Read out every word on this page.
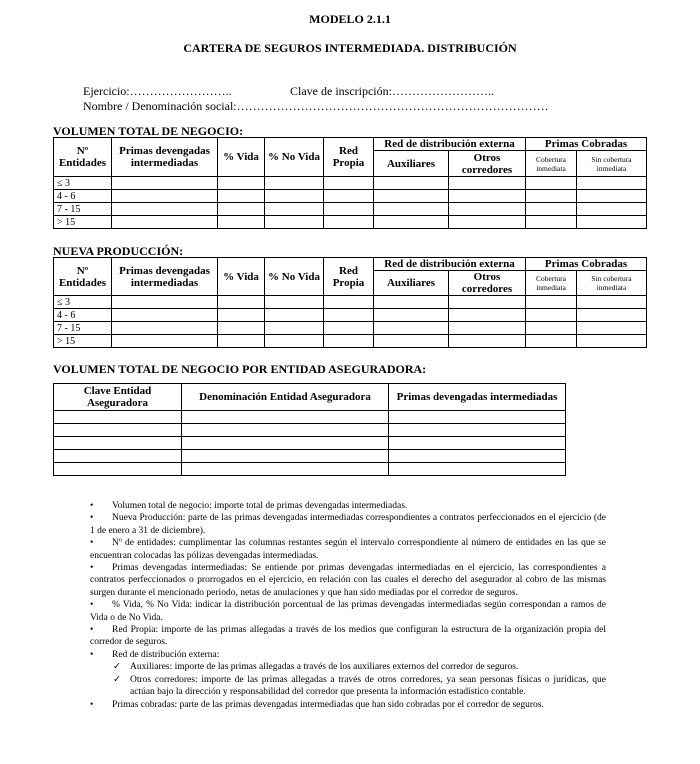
MODELO 2.1.1
CARTERA DE SEGUROS INTERMEDIADA. DISTRIBUCIÓN
Ejercicio:……………………..	Clave de inscripción:……………………..
Nombre / Denominación social:……………………………………………………………………
VOLUMEN TOTAL DE NEGOCIO:
Nº Entidades	Primas devengadas intermediadas	% Vida	% No Vida	Red Propia	Red de distribución externa		Primas Cobradas	
					Auxiliares	Otros corredores	Cobertura inmediata	Sin cobertura inmediata
≤ 3								
4 - 6								
7 - 15								
> 15								
NUEVA PRODUCCIÓN:
Nº Entidades	Primas devengadas intermediadas	% Vida	% No Vida	Red Propia	Red de distribución externa		Primas Cobradas	
					Auxiliares	Otros corredores	Cobertura inmediata	Sin cobertura inmediata
≤ 3								
4 - 6								
7 - 15								
> 15								
VOLUMEN TOTAL DE NEGOCIO POR ENTIDAD ASEGURADORA:
Clave Entidad Aseguradora	Denominación Entidad Aseguradora	Primas devengadas intermediadas

• Volumen total de negocio: importe total de primas devengadas intermediadas.

• Nueva Producción: parte de las primas devengadas intermediadas correspondientes a contratos perfeccionados en el ejercicio (de 1 de enero a 31 de diciembre).

• Nº de entidades: cumplimentar las columnas restantes según el intervalo correspondiente al número de entidades en las que se encuentran colocadas las pólizas devengadas intermediadas.

• Primas devengadas intermediadas: Se entiende por primas devengadas intermediadas en el ejercicio, las correspondientes a contratos perfeccionados o prorrogados en el ejercicio, en relación con las cuales el derecho del asegurador al cobro de las mismas surgen durante el mencionado periodo, netas de anulaciones y que han sido mediadas por el corredor de seguros.

• % Vida, % No Vida: indicar la distribución porcentual de las primas devengadas intermediadas según correspondan a ramos de Vida o de No Vida.

• Red Propia: importe de las primas allegadas a través de los medios que configuran la estructura de la organización propia del corredor de seguros.

• Red de distribución externa:

✓ Auxiliares: importe de las primas allegadas a través de los auxiliares externos del corredor de seguros.

✓ Otros corredores: importe de las primas allegadas a través de otros corredores, ya sean personas físicas o jurídicas, que actúan bajo la dirección y responsabilidad del corredor que presenta la información estadístico contable.

• Primas cobradas: parte de las primas devengadas intermediadas que han sido cobradas por el corredor de seguros.
